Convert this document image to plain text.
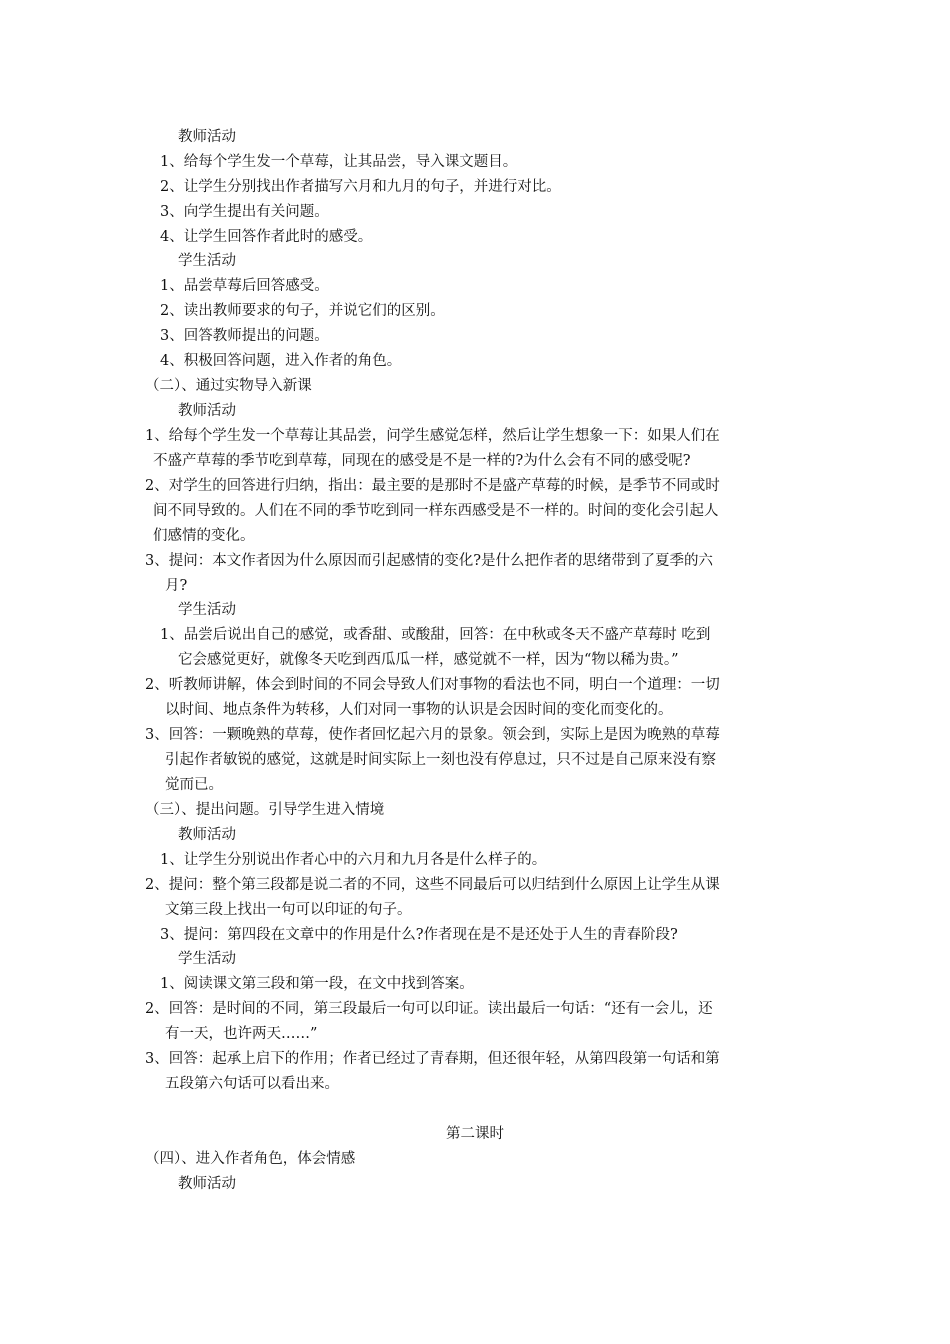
教师活动
1、给每个学生发一个草莓，让其品尝，导入课文题目。
2、让学生分别找出作者描写六月和九月的句子，并进行对比。
3、向学生提出有关问题。
4、让学生回答作者此时的感受。
学生活动
1、品尝草莓后回答感受。
2、读出教师要求的句子，并说它们的区别。
3、回答教师提出的问题。
4、积极回答问题，进入作者的角色。
（二）、通过实物导入新课
教师活动
1、给每个学生发一个草莓让其品尝，问学生感觉怎样，然后让学生想象一下：如果人们在
不盛产草莓的季节吃到草莓，同现在的感受是不是一样的?为什么会有不同的感受呢?
2、对学生的回答进行归纳，指出：最主要的是那时不是盛产草莓的时候，是季节不同或时
间不同导致的。人们在不同的季节吃到同一样东西感受是不一样的。时间的变化会引起人
们感情的变化。
3、提问：本文作者因为什么原因而引起感情的变化?是什么把作者的思绪带到了夏季的六
月?
学生活动
1、品尝后说出自己的感觉，或香甜、或酸甜，回答：在中秋或冬天不盛产草莓时 吃到
它会感觉更好，就像冬天吃到西瓜瓜一样，感觉就不一样，因为“物以稀为贵。”
2、听教师讲解，体会到时间的不同会导致人们对事物的看法也不同，明白一个道理：一切
以时间、地点条件为转移，人们对同一事物的认识是会因时间的变化而变化的。
3、回答：一颗晚熟的草莓，使作者回忆起六月的景象。领会到，实际上是因为晚熟的草莓
引起作者敏锐的感觉，这就是时间实际上一刻也没有停息过，只不过是自己原来没有察
觉而已。
（三）、提出问题。引导学生进入情境
教师活动
1、让学生分别说出作者心中的六月和九月各是什么样子的。
2、提问：整个第三段都是说二者的不同，这些不同最后可以归结到什么原因上让学生从课
文第三段上找出一句可以印证的句子。
3、提问：第四段在文章中的作用是什么?作者现在是不是还处于人生的青春阶段?
学生活动
1、阅读课文第三段和第一段，在文中找到答案。
2、回答：是时间的不同，第三段最后一句可以印证。读出最后一句话：“还有一会儿，还
有一天，也许两天……”
3、回答：起承上启下的作用；作者已经过了青春期，但还很年轻，从第四段第一句话和第
五段第六句话可以看出来。
第二课时
（四）、进入作者角色，体会情感
教师活动
